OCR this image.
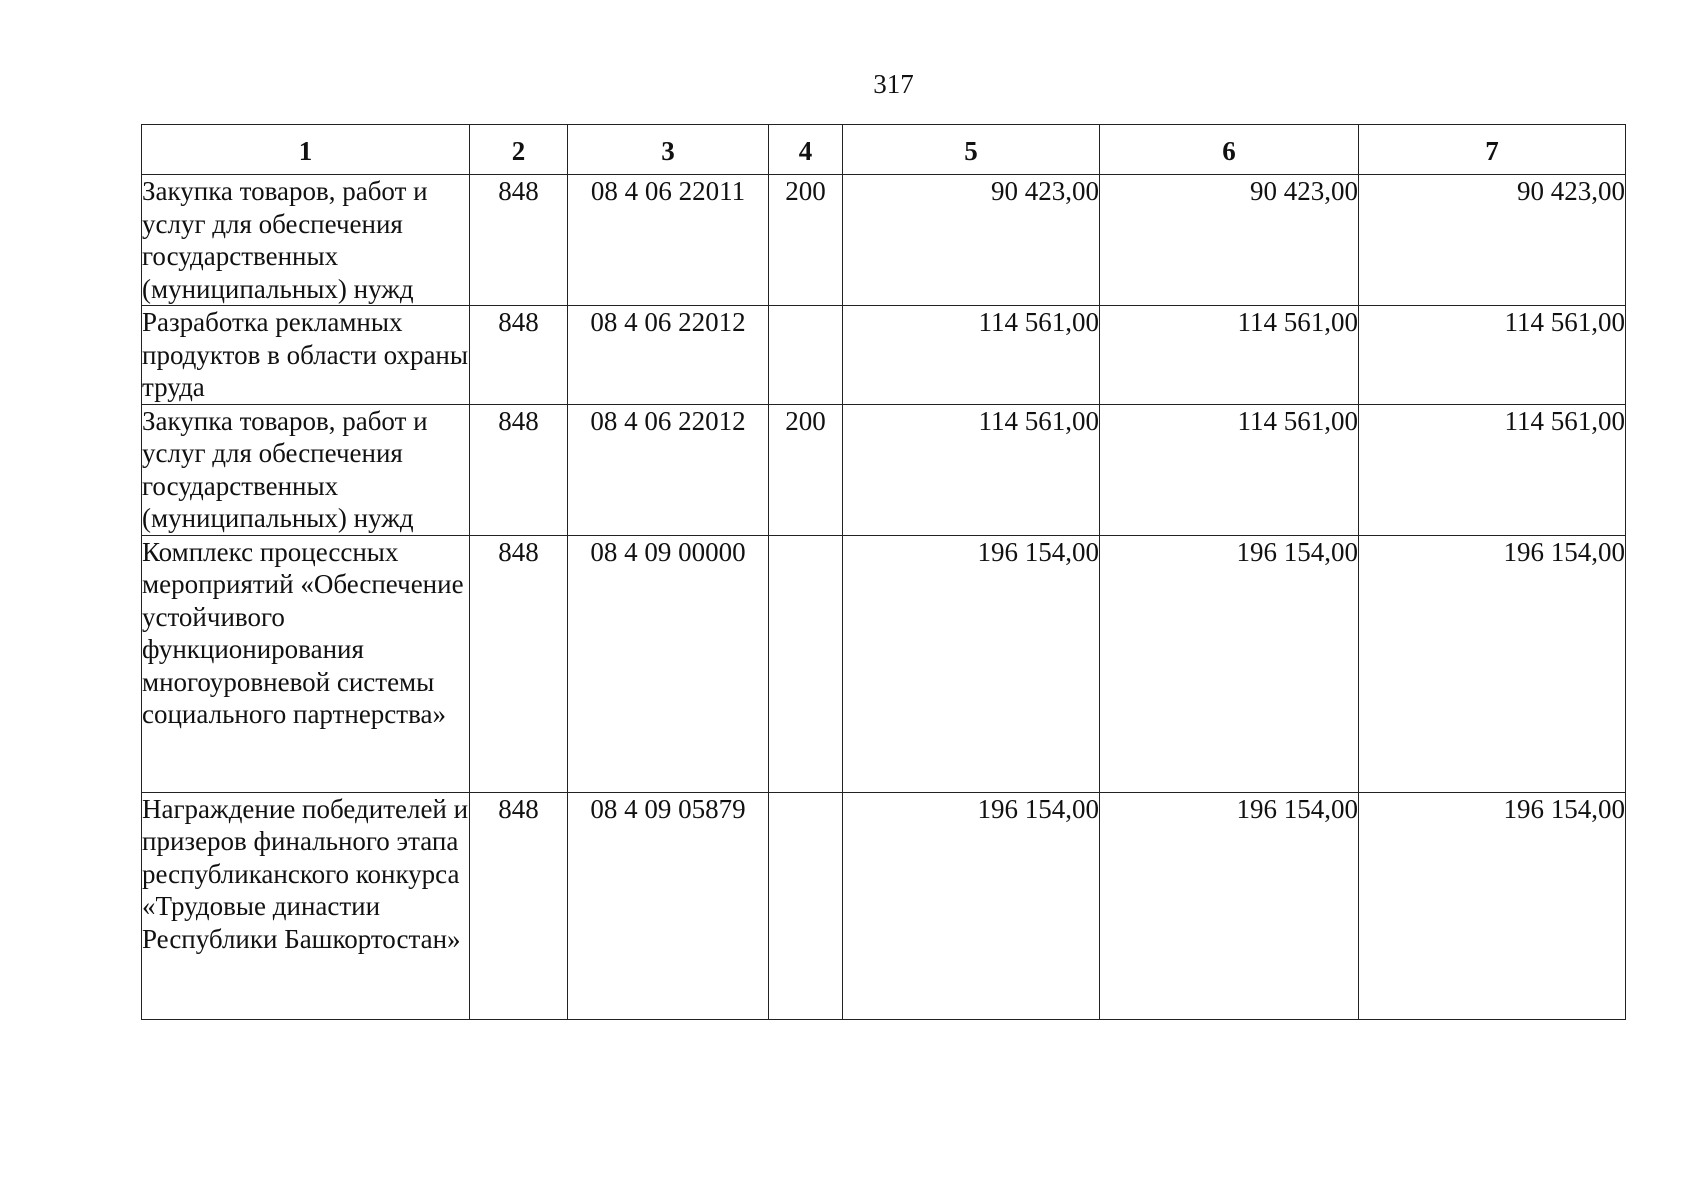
317
1	2	3	4	5	6	7
Закупка товаров, работ и услуг для обеспечения государственных (муниципальных) нужд	848	08 4 06 22011	200	90 423,00	90 423,00	90 423,00
Разработка рекламных продуктов в области охраны труда	848	08 4 06 22012		114 561,00	114 561,00	114 561,00
Закупка товаров, работ и услуг для обеспечения государственных (муниципальных) нужд	848	08 4 06 22012	200	114 561,00	114 561,00	114 561,00
Комплекс процессных мероприятий «Обеспечение устойчивого функционирования многоуровневой системы социального партнерства»	848	08 4 09 00000		196 154,00	196 154,00	196 154,00
Награждение победителей и призеров финального этапа республиканского конкурса «Трудовые династии Республики Башкортостан»	848	08 4 09 05879		196 154,00	196 154,00	196 154,00
